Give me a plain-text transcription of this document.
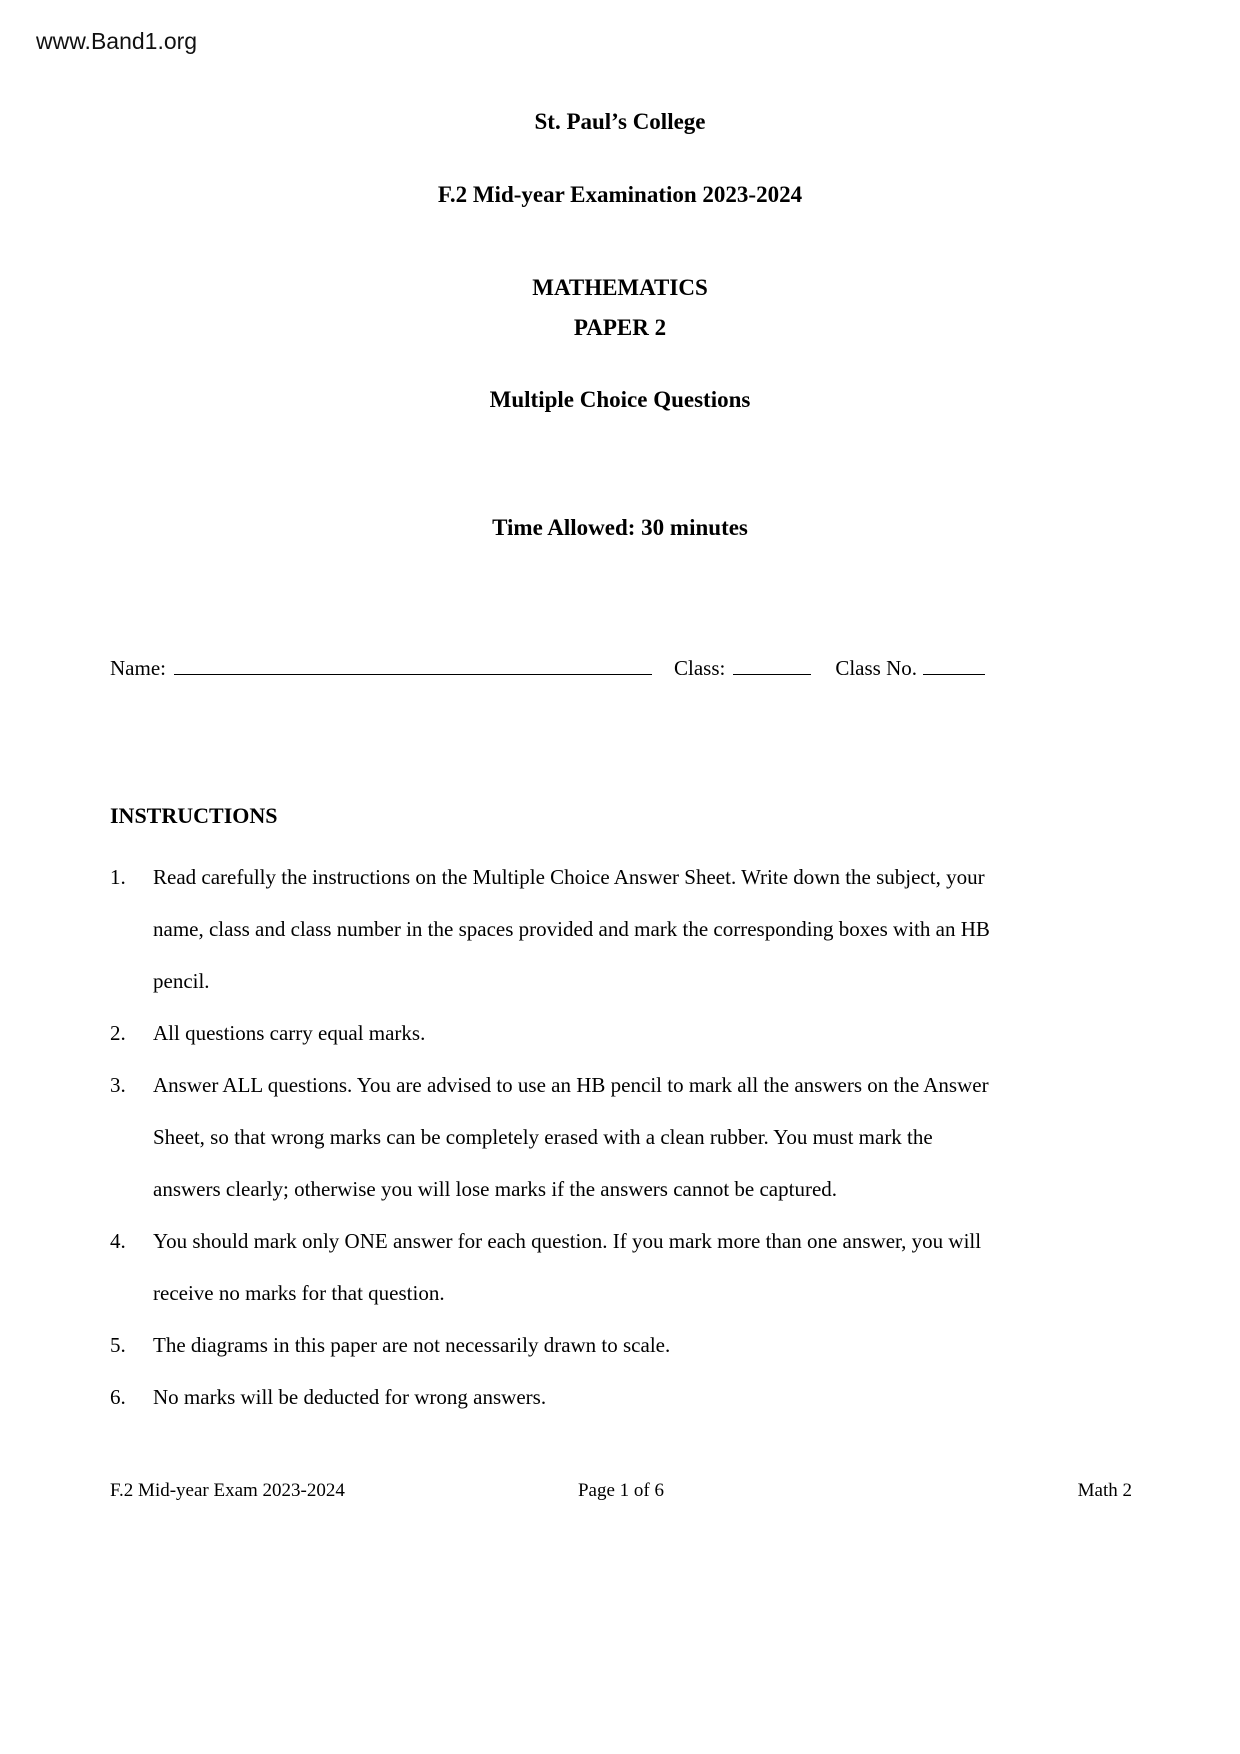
www.Band1.org
St. Paul’s College
F.2 Mid-year Examination 2023-2024
MATHEMATICS
PAPER 2
Multiple Choice Questions
Time Allowed: 30 minutes
Name:	Class:	Class No.
INSTRUCTIONS
1.	Read carefully the instructions on the Multiple Choice Answer Sheet. Write down the subject, your name, class and class number in the spaces provided and mark the corresponding boxes with an HB pencil.
2.	All questions carry equal marks.
3.	Answer ALL questions. You are advised to use an HB pencil to mark all the answers on the Answer Sheet, so that wrong marks can be completely erased with a clean rubber. You must mark the answers clearly; otherwise you will lose marks if the answers cannot be captured.
4.	You should mark only ONE answer for each question. If you mark more than one answer, you will receive no marks for that question.
5.	The diagrams in this paper are not necessarily drawn to scale.
6.	No marks will be deducted for wrong answers.
F.2 Mid-year Exam 2023-2024	Page 1 of 6	Math 2
